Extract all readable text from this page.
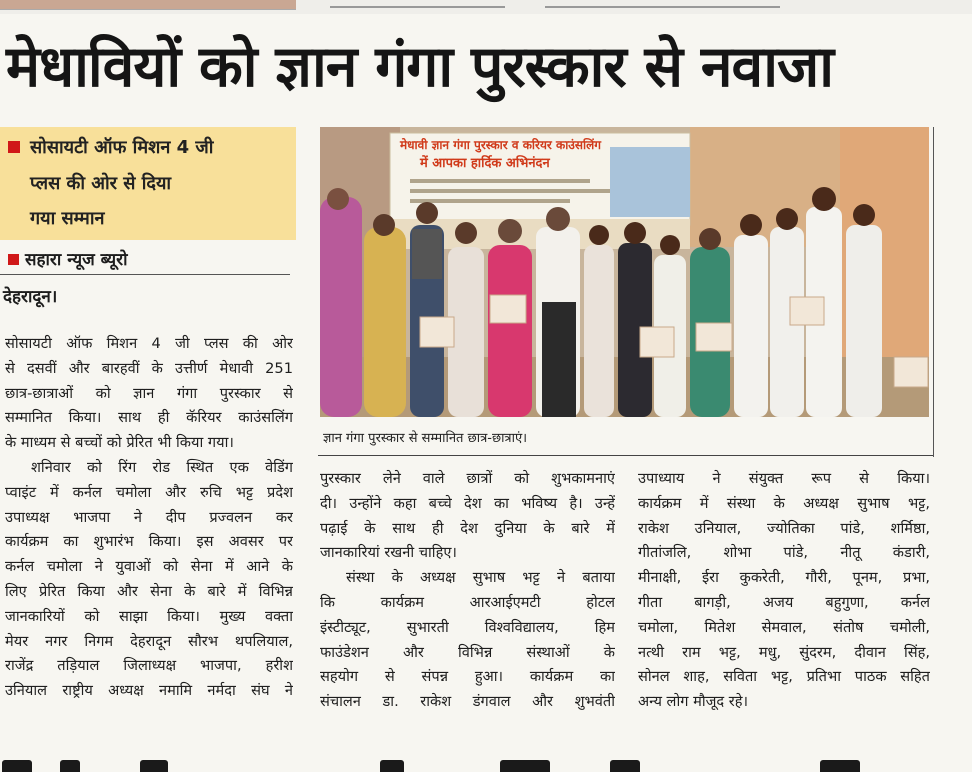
मेधावियों को ज्ञान गंगा पुरस्कार से नवाजा
सोसायटी ऑफ मिशन 4 जी
प्लस की ओर से दिया
गया सम्मान
सहारा न्यूज ब्यूरो
देहरादून।
सोसायटी ऑफ मिशन 4 जी प्लस की ओर
से दसवीं और बारहवीं के उत्तीर्ण मेधावी 251
छात्र-छात्राओं को ज्ञान गंगा पुरस्कार से
सम्मानित किया। साथ ही कॅरियर काउंसलिंग
के माध्यम से बच्चों को प्रेरित भी किया गया।
शनिवार को रिंग रोड स्थित एक वेडिंग
प्वाइंट में कर्नल चमोला और रुचि भट्ट प्रदेश
उपाध्यक्ष भाजपा ने दीप प्रज्वलन कर
कार्यक्रम का शुभारंभ किया। इस अवसर पर
कर्नल चमोला ने युवाओं को सेना में आने के
लिए प्रेरित किया और सेना के बारे में विभिन्न
जानकारियों को साझा किया। मुख्य वक्ता
मेयर नगर निगम देहरादून सौरभ थपलियाल,
राजेंद्र तड़ियाल जिलाध्यक्ष भाजपा, हरीश
उनियाल राष्ट्रीय अध्यक्ष नमामि नर्मदा संघ ने
मेधावी ज्ञान गंगा पुरस्कार व करियर काउंसलिंग
में आपका हार्दिक अभिनंदन
ज्ञान गंगा पुरस्कार से सम्मानित छात्र-छात्राएं।
पुरस्कार लेने वाले छात्रों को शुभकामनाएं
दी। उन्होंने कहा बच्चे देश का भविष्य है। उन्हें
पढ़ाई के साथ ही देश दुनिया के बारे में
जानकारियां रखनी चाहिए।
संस्था के अध्यक्ष सुभाष भट्ट ने बताया
कि कार्यक्रम आरआईएमटी होटल
इंस्टीट्यूट, सुभारती विश्वविद्यालय, हिम
फाउंडेशन और विभिन्न संस्थाओं के
सहयोग से संपन्न हुआ। कार्यक्रम का
संचालन डा. राकेश डंगवाल और शुभवंती
उपाध्याय ने संयुक्त रूप से किया।
कार्यक्रम में संस्था के अध्यक्ष सुभाष भट्ट,
राकेश उनियाल, ज्योतिका पांडे, शर्मिष्ठा,
गीतांजलि, शोभा पांडे, नीतू कंडारी,
मीनाक्षी, ईरा कुकरेती, गौरी, पूनम, प्रभा,
गीता बागड़ी, अजय बहुगुणा, कर्नल
चमोला, मितेश सेमवाल, संतोष चमोली,
नत्थी राम भट्ट, मधु, सुंदरम, दीवान सिंह,
सोनल शाह, सविता भट्ट, प्रतिभा पाठक सहित
अन्य लोग मौजूद रहे।
